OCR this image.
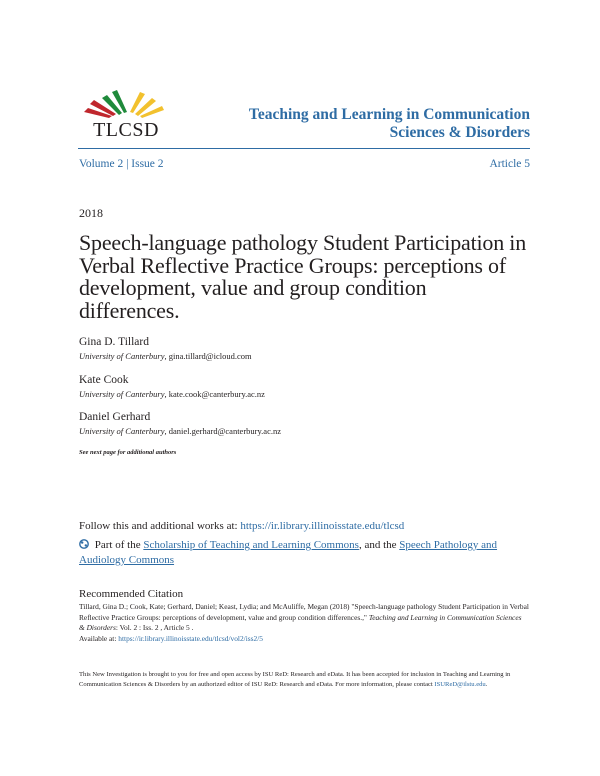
TLCSD
Teaching and Learning in Communication
Sciences & Disorders
Volume 2 | Issue 2	Article 5
2018
Speech-language pathology Student Participation in Verbal Reflective Practice Groups: perceptions of development, value and group condition differences.
Gina D. Tillard
University of Canterbury, gina.tillard@icloud.com
Kate Cook
University of Canterbury, kate.cook@canterbury.ac.nz
Daniel Gerhard
University of Canterbury, daniel.gerhard@canterbury.ac.nz
See next page for additional authors
Follow this and additional works at: https://ir.library.illinoisstate.edu/tlcsd
Part of the Scholarship of Teaching and Learning Commons, and the Speech Pathology and Audiology Commons
Recommended Citation
Tillard, Gina D.; Cook, Kate; Gerhard, Daniel; Keast, Lydia; and McAuliffe, Megan (2018) "Speech-language pathology Student Participation in Verbal Reflective Practice Groups: perceptions of development, value and group condition differences.," Teaching and Learning in Communication Sciences & Disorders: Vol. 2 : Iss. 2 , Article 5 .
Available at: https://ir.library.illinoisstate.edu/tlcsd/vol2/iss2/5
This New Investigation is brought to you for free and open access by ISU ReD: Research and eData. It has been accepted for inclusion in Teaching and Learning in Communication Sciences & Disorders by an authorized editor of ISU ReD: Research and eData. For more information, please contact ISUReD@ilstu.edu.
